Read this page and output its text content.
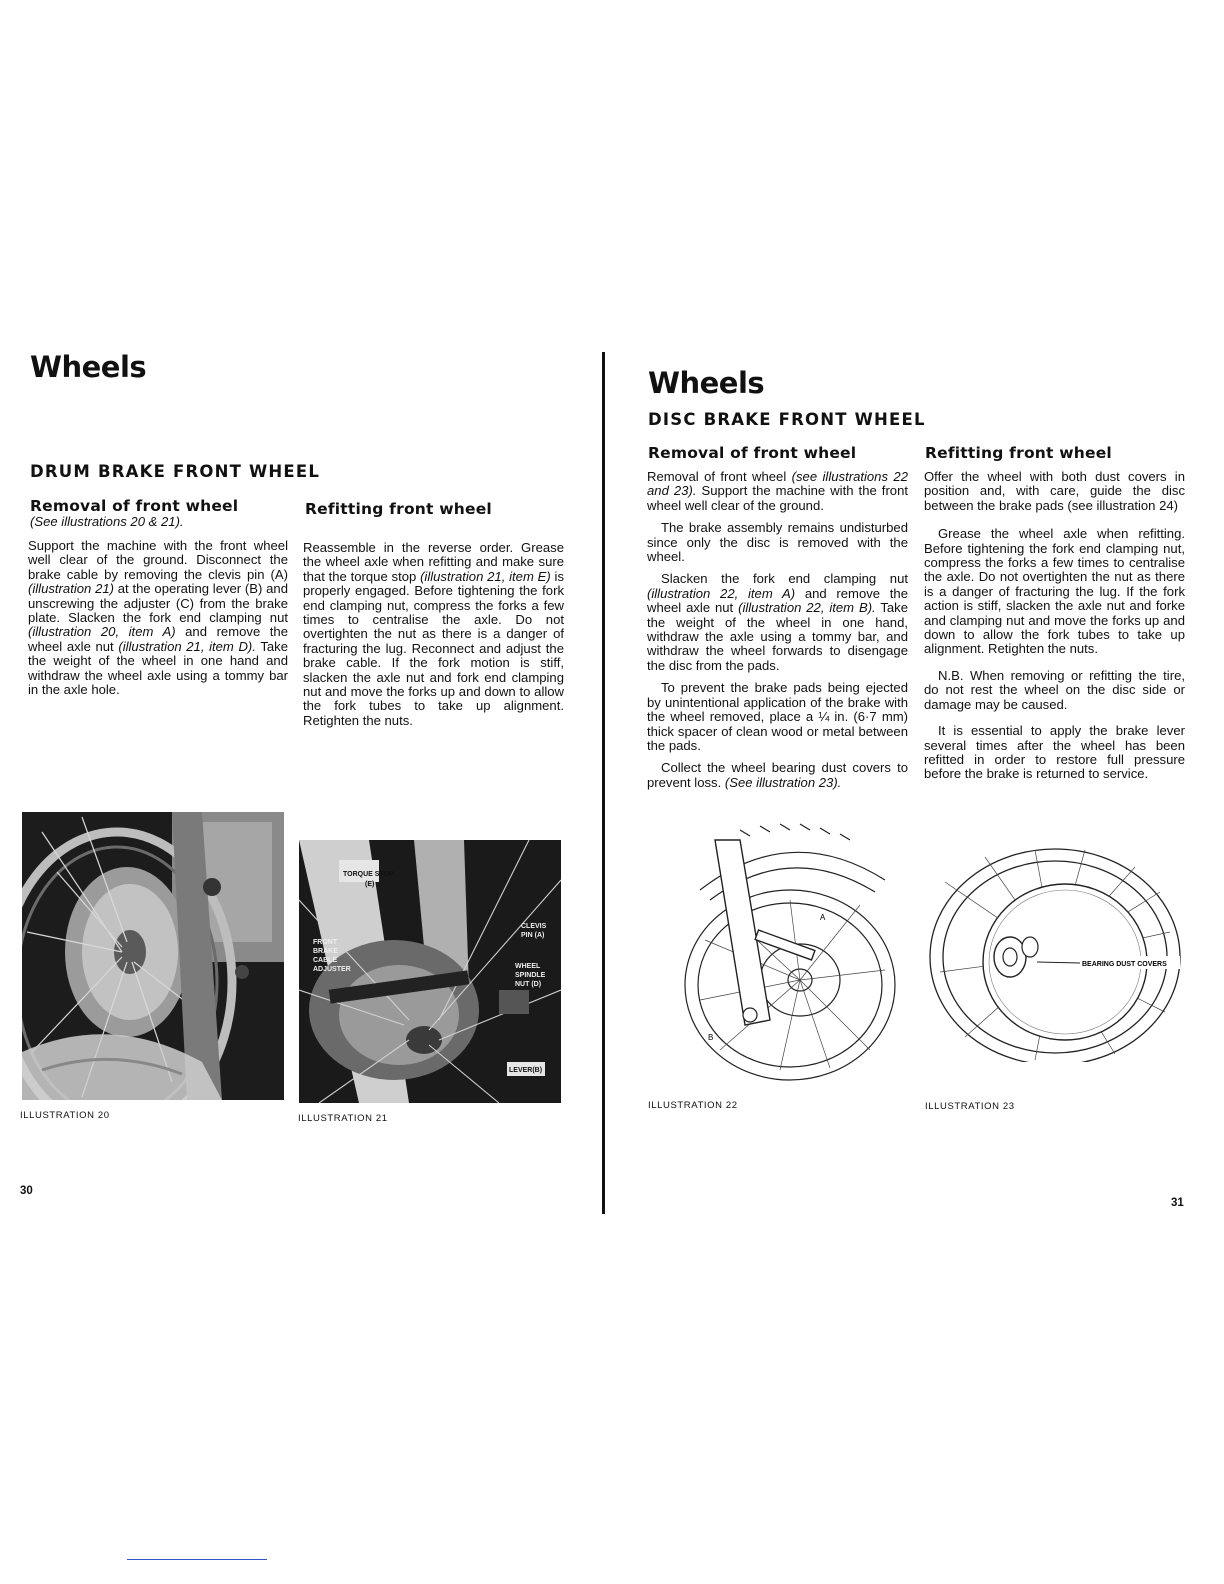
Wheels
DRUM BRAKE FRONT WHEEL
Removal of front wheel
(See illustrations 20 & 21).
Support the machine with the front wheel well clear of the ground. Disconnect the brake cable by removing the clevis pin (A) (illustration 21) at the operating lever (B) and unscrewing the adjuster (C) from the brake plate. Slacken the fork end clamping nut (illustration 20, item A) and remove the wheel axle nut (illustration 21, item D). Take the weight of the wheel in one hand and withdraw the wheel axle using a tommy bar in the axle hole.
Refitting front wheel
Reassemble in the reverse order. Grease the wheel axle when refitting and make sure that the torque stop (illustration 21, item E) is properly engaged. Before tightening the fork end clamping nut, compress the forks a few times to centralise the axle. Do not overtighten the nut as there is a danger of fracturing the lug. Reconnect and adjust the brake cable. If the fork motion is stiff, slacken the axle nut and fork end clamping nut and move the forks up and down to allow the fork tubes to take up alignment. Retighten the nuts.
ILLUSTRATION 20
TORQUE STOP
(E)
CLEVIS
PIN (A)
FRONT
BRAKE
CABLE
ADJUSTER	WHEEL
SPINDLE
NUT (D)
LEVER(B)
ILLUSTRATION 21
30
Wheels
DISC BRAKE FRONT WHEEL
Removal of front wheel

Removal of front wheel (see illustrations 22 and 23). Support the machine with the front wheel well clear of the ground.

The brake assembly remains undisturbed since only the disc is removed with the wheel.

Slacken the fork end clamping nut (illustration 22, item A) and remove the wheel axle nut (illustration 22, item B). Take the weight of the wheel in one hand, withdraw the axle using a tommy bar, and withdraw the wheel forwards to disengage the disc from the pads.

To prevent the brake pads being ejected by unintentional application of the brake with the wheel removed, place a ¼ in. (6·7 mm) thick spacer of clean wood or metal between the pads.

Collect the wheel bearing dust covers to prevent loss. (See illustration 23).

Refitting front wheel

Offer the wheel with both dust covers in position and, with care, guide the disc between the brake pads (see illustration 24)

Grease the wheel axle when refitting. Before tightening the fork end clamping nut, compress the forks a few times to centralise the axle. Do not overtighten the nut as there is a danger of fracturing the lug. If the fork action is stiff, slacken the axle nut and forke and clamping nut and move the forks up and down to allow the fork tubes to take up alignment. Retighten the nuts.

N.B. When removing or refitting the tire, do not rest the wheel on the disc side or damage may be caused.

It is essential to apply the brake lever several times after the wheel has been refitted in order to restore full pressure before the brake is returned to service.

A
B
ILLUSTRATION 22
BEARING DUST COVERS
ILLUSTRATION 23
31
